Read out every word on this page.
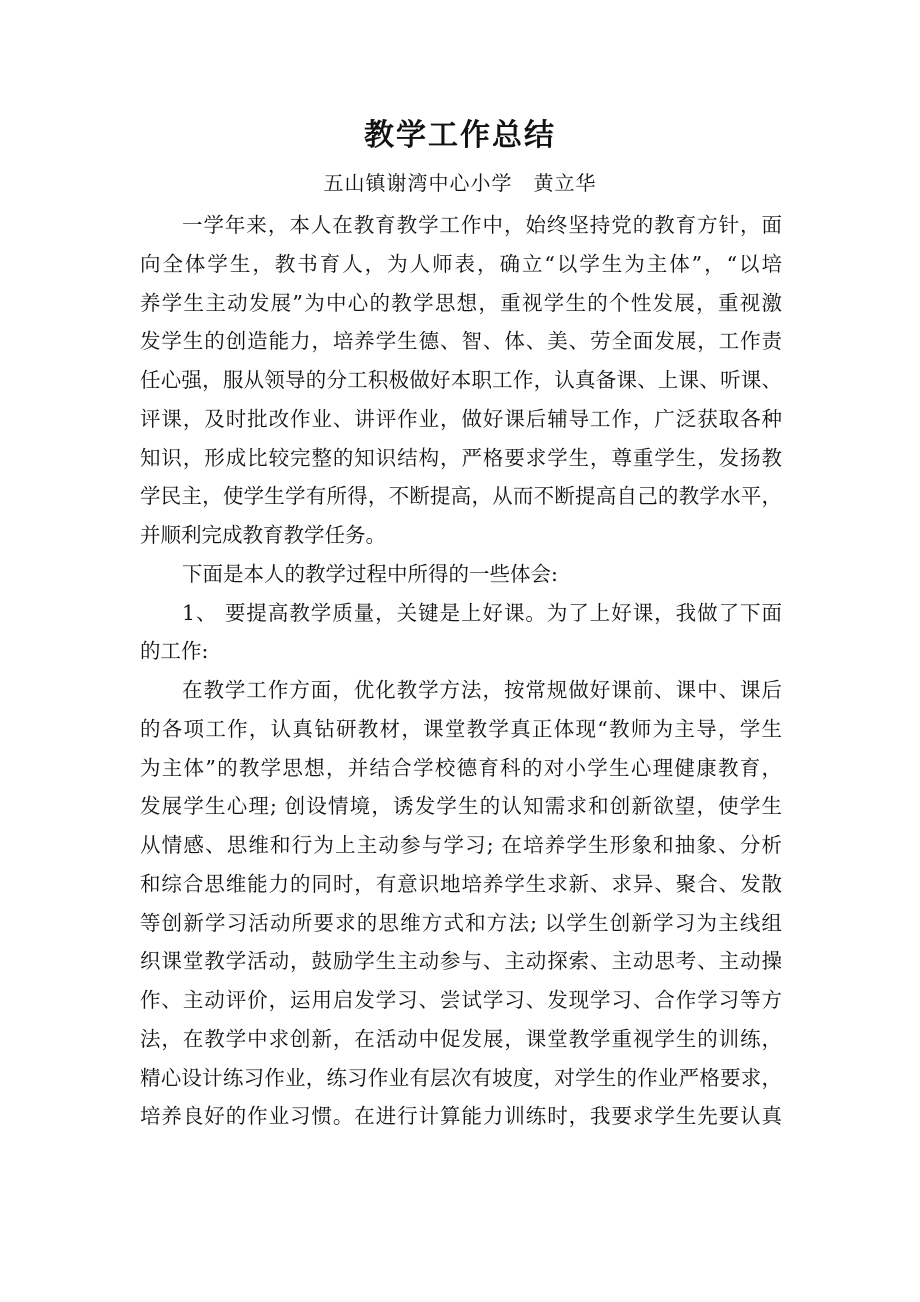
教学工作总结
五山镇谢湾中心小学　黄立华
一学年来，本人在教育教学工作中，始终坚持党的教育方针，面
向全体学生，教书育人，为人师表，确立“以学生为主体”，“以培
养学生主动发展”为中心的教学思想，重视学生的个性发展，重视激
发学生的创造能力，培养学生德、智、体、美、劳全面发展，工作责
任心强，服从领导的分工积极做好本职工作，认真备课、上课、听课、
评课，及时批改作业、讲评作业，做好课后辅导工作，广泛获取各种
知识，形成比较完整的知识结构，严格要求学生，尊重学生，发扬教
学民主，使学生学有所得，不断提高，从而不断提高自己的教学水平，
并顺利完成教育教学任务。
下面是本人的教学过程中所得的一些体会:
1、 要提高教学质量，关键是上好课。为了上好课，我做了下面
的工作:
在教学工作方面，优化教学方法，按常规做好课前、课中、课后
的各项工作，认真钻研教材，课堂教学真正体现“教师为主导，学生
为主体”的教学思想，并结合学校德育科的对小学生心理健康教育，
发展学生心理; 创设情境，诱发学生的认知需求和创新欲望，使学生
从情感、思维和行为上主动参与学习; 在培养学生形象和抽象、分析
和综合思维能力的同时，有意识地培养学生求新、求异、聚合、发散
等创新学习活动所要求的思维方式和方法; 以学生创新学习为主线组
织课堂教学活动，鼓励学生主动参与、主动探索、主动思考、主动操
作、主动评价，运用启发学习、尝试学习、发现学习、合作学习等方
法，在教学中求创新，在活动中促发展，课堂教学重视学生的训练，
精心设计练习作业，练习作业有层次有坡度，对学生的作业严格要求，
培养良好的作业习惯。在进行计算能力训练时，我要求学生先要认真
